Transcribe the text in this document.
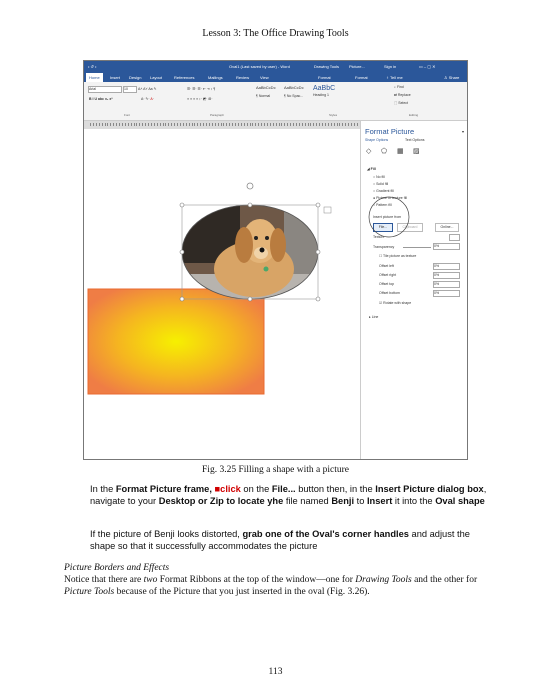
Lesson 3: The Office Drawing Tools
• ↺ •	Oval1 (Last saved by user) - Word	Drawing Tools Picture...	Sign in	▭ – ▢ ✕
Home	Insert Design Layout	References	Mailings	Review	View	Format	Format	♀ Tell me	♙ Share
Arial	10	A˄ A˅ Aa ✎
B I U abc x₂ x²	A· ✎· A·
Font
☰· ☰· ☰· ⇤ ⇥ ↕ ¶
≡ ≡ ≡ ≡ ↕· ◩· ⊞·
Paragraph
AaBbCcDc
¶ Normal
AaBbCcDc
¶ No Spac...
AaBbC
Heading 1
Styles
⌕ Find
⇄ Replace
⬚ Select
Editing
Format Picture	▾
Shape Options	Text Options
◇ ⬠ ▦ ▨
◢ Fill
○ No fill
○ Solid fill
○ Gradient fill
● Picture or texture fill
○ Pattern fill
Insert picture from
File...	Clipboard	Online...
Texture
Transparency	0%
☐ Tile picture as texture
Offset left	0%
Offset right	0%
Offset top	0%
Offset bottom	0%
☑ Rotate with shape
▸ Line
Fig. 3.25 Filling a shape with a picture
In the Format Picture frame, ■click on the File... button then, in the Insert Picture dialog box, navigate to your Desktop or Zip to locate yhe file named Benji to Insert it into the Oval shape
If the picture of Benji looks distorted, grab one of the Oval's corner handles and adjust the shape so that it successfully accommodates the picture
Picture Borders and Effects
Notice that there are two Format Ribbons at the top of the window—one for Drawing Tools and the other for Picture Tools because of the Picture that you just inserted in the oval (Fig. 3.26).
113
